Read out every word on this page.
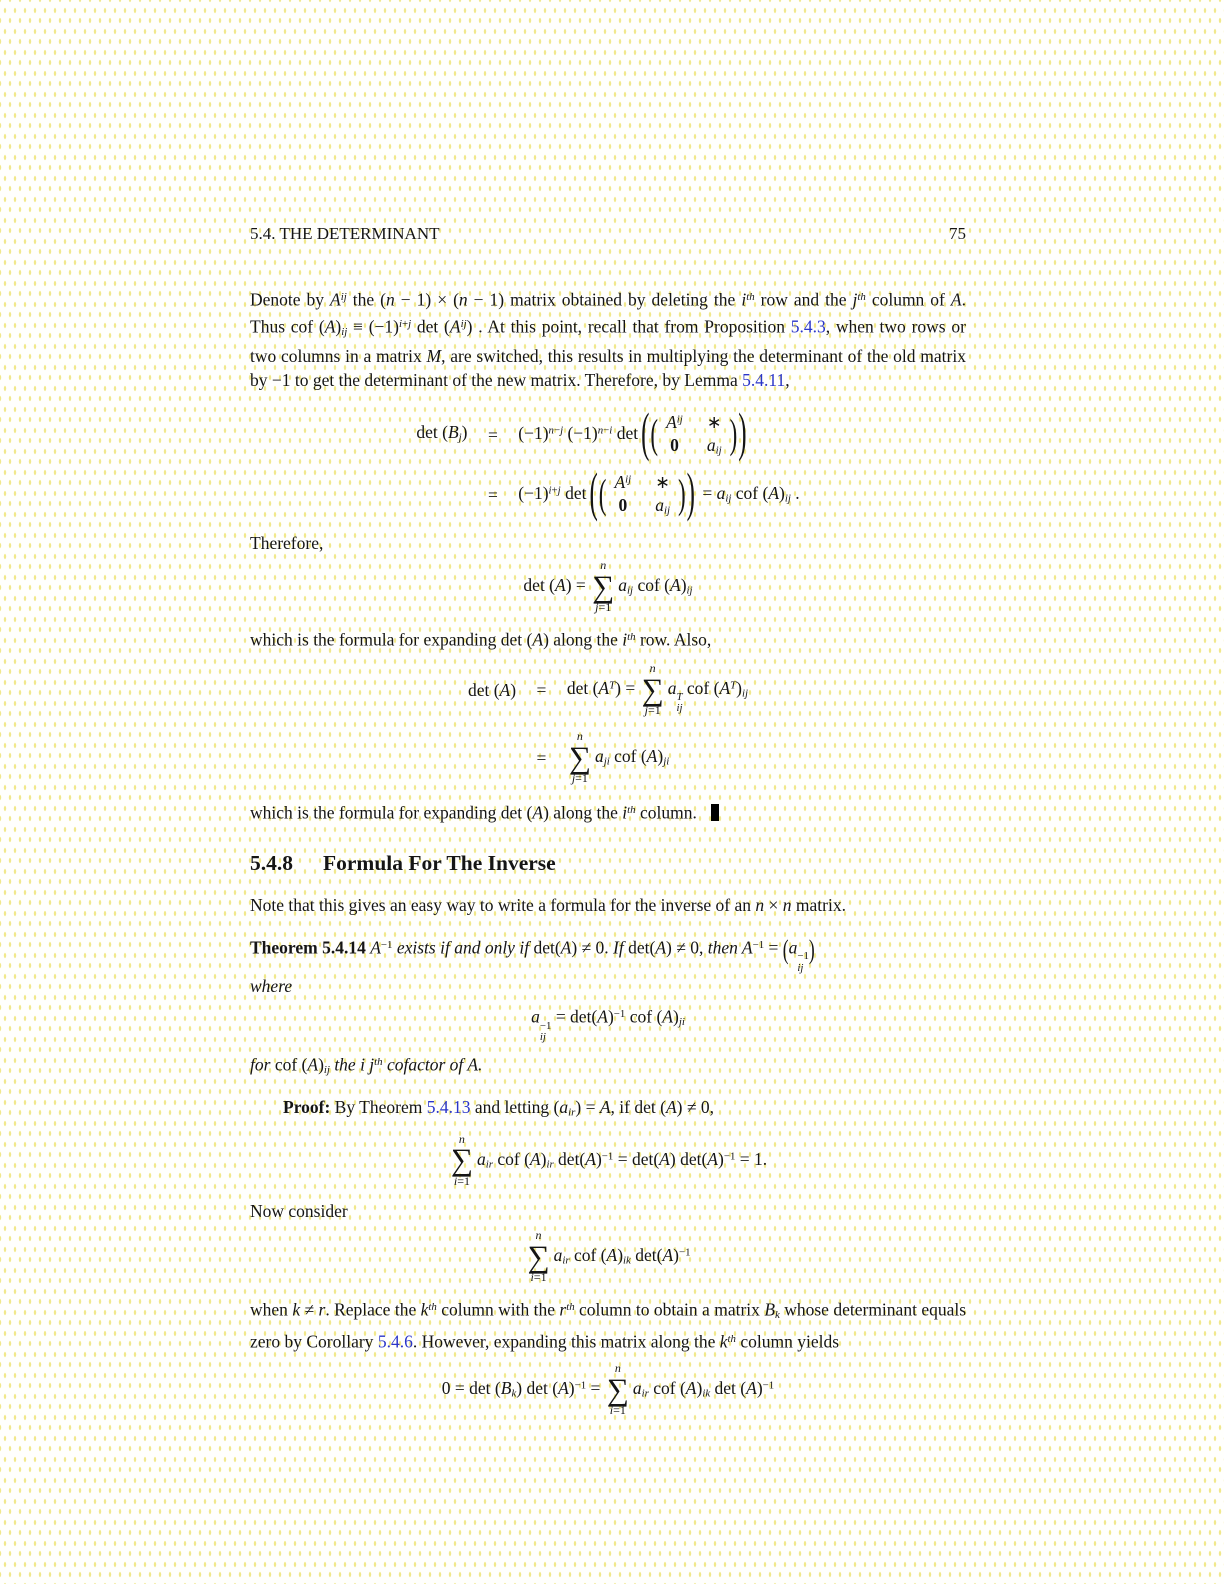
5.4. THE DETERMINANT	75

Denote by $A^{ij}$ the (n − 1) × (n − 1) matrix obtained by deleting the $i^{th}$ row and the $j^{th}$ column of A. Thus cof $(A)ij \equiv (-1)^{i+j}$ $\det (A^{ij})$ . At this point, recall that from Proposition 5.4.3, when two rows or two columns in a matrix M, are switched, this results in multiplying the determinant of the old matrix by −1 to get the determinant of the new matrix. Therefore, by Lemma 5.4.11,

$\det (Bj) = (-1)^{n-j}$ $(-1)^{n-i}$ det ( ( $A^{ij}$ ∗
0 aij ) )
= $(-1)^{i+j}$ det ( ( $A^{ij}$ ∗
0 aij ) ) = aij cof (A)ij .

Therefore,

det (A) =
n
∑
j=1
aij cof (A)ij

which is the formula for expanding det (A) along the $i^{th}$ row. Also,

$\det (A) = \det (A^T)$ =
n
∑
j=1
a T
ij
cof $(A^T)ij$
=
n
∑
j=1
aji cof (A)ji

which is the formula for expanding det (A) along the $i^{th}$ column.

5.4.8 Formula For The Inverse

Note that this gives an easy way to write a formula for the inverse of an n × n matrix.

Theorem 5.4.14 $A^{-1}$ exists if and only if det(A) ≠ 0. If det(A) ≠ 0, then $A^{-1} = (a -1$
ij
)
where

a −1
ij
= $\det(A)^{-1}$ cof (A)ji

for cof (A)ij the i $j^{th}$ cofactor of A.

Proof: By Theorem 5.4.13 and letting (air) = A, if det (A) ≠ 0,

n
∑
i=1
air cof (A)ir $\det(A)^{-1} = \det(A) \det(A)^{-1} = 1$.

Now consider

n
∑
i=1
air cof (A)ik $\det(A)^{-1}$

when k ≠ r. Replace the $k^{th}$ column with the $r^{th}$ column to obtain a matrix Bk whose determinant equals zero by Corollary 5.4.6. However, expanding this matrix along the $k^{th}$ column yields

0 = det (Bk) $\det (A)^{-1}$ =
n
∑
i=1
air cof (A)ik $\det (A)^{-1}$
